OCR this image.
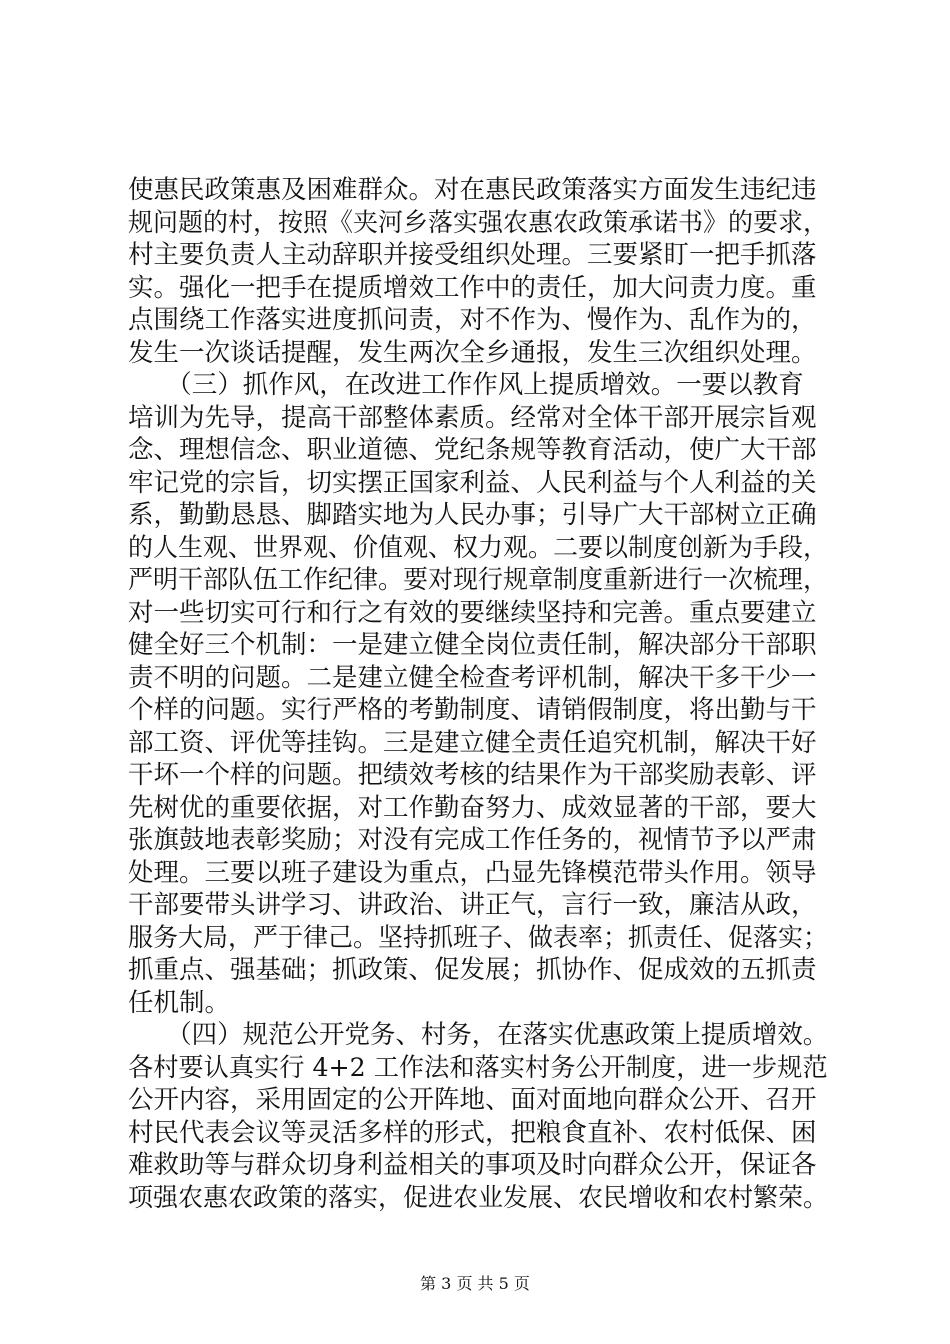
使惠民政策惠及困难群众。对在惠民政策落实方面发生违纪违
规问题的村，按照《夹河乡落实强农惠农政策承诺书》的要求，
村主要负责人主动辞职并接受组织处理。三要紧盯一把手抓落
实。强化一把手在提质增效工作中的责任，加大问责力度。重
点围绕工作落实进度抓问责，对不作为、慢作为、乱作为的，
发生一次谈话提醒，发生两次全乡通报，发生三次组织处理。
　　（三）抓作风，在改进工作作风上提质增效。一要以教育
培训为先导，提高干部整体素质。经常对全体干部开展宗旨观
念、理想信念、职业道德、党纪条规等教育活动，使广大干部
牢记党的宗旨，切实摆正国家利益、人民利益与个人利益的关
系，勤勤恳恳、脚踏实地为人民办事；引导广大干部树立正确
的人生观、世界观、价值观、权力观。二要以制度创新为手段，
严明干部队伍工作纪律。要对现行规章制度重新进行一次梳理，
对一些切实可行和行之有效的要继续坚持和完善。重点要建立
健全好三个机制：一是建立健全岗位责任制，解决部分干部职
责不明的问题。二是建立健全检查考评机制，解决干多干少一
个样的问题。实行严格的考勤制度、请销假制度，将出勤与干
部工资、评优等挂钩。三是建立健全责任追究机制，解决干好
干坏一个样的问题。把绩效考核的结果作为干部奖励表彰、评
先树优的重要依据，对工作勤奋努力、成效显著的干部，要大
张旗鼓地表彰奖励；对没有完成工作任务的，视情节予以严肃
处理。三要以班子建设为重点，凸显先锋模范带头作用。领导
干部要带头讲学习、讲政治、讲正气，言行一致，廉洁从政，
服务大局，严于律己。坚持抓班子、做表率；抓责任、促落实；
抓重点、强基础；抓政策、促发展；抓协作、促成效的五抓责
任机制。
　　（四）规范公开党务、村务，在落实优惠政策上提质增效。
各村要认真实行 4+2 工作法和落实村务公开制度，进一步规范
公开内容，采用固定的公开阵地、面对面地向群众公开、召开
村民代表会议等灵活多样的形式，把粮食直补、农村低保、困
难救助等与群众切身利益相关的事项及时向群众公开，保证各
项强农惠农政策的落实，促进农业发展、农民增收和农村繁荣。
第 3 页 共 5 页
